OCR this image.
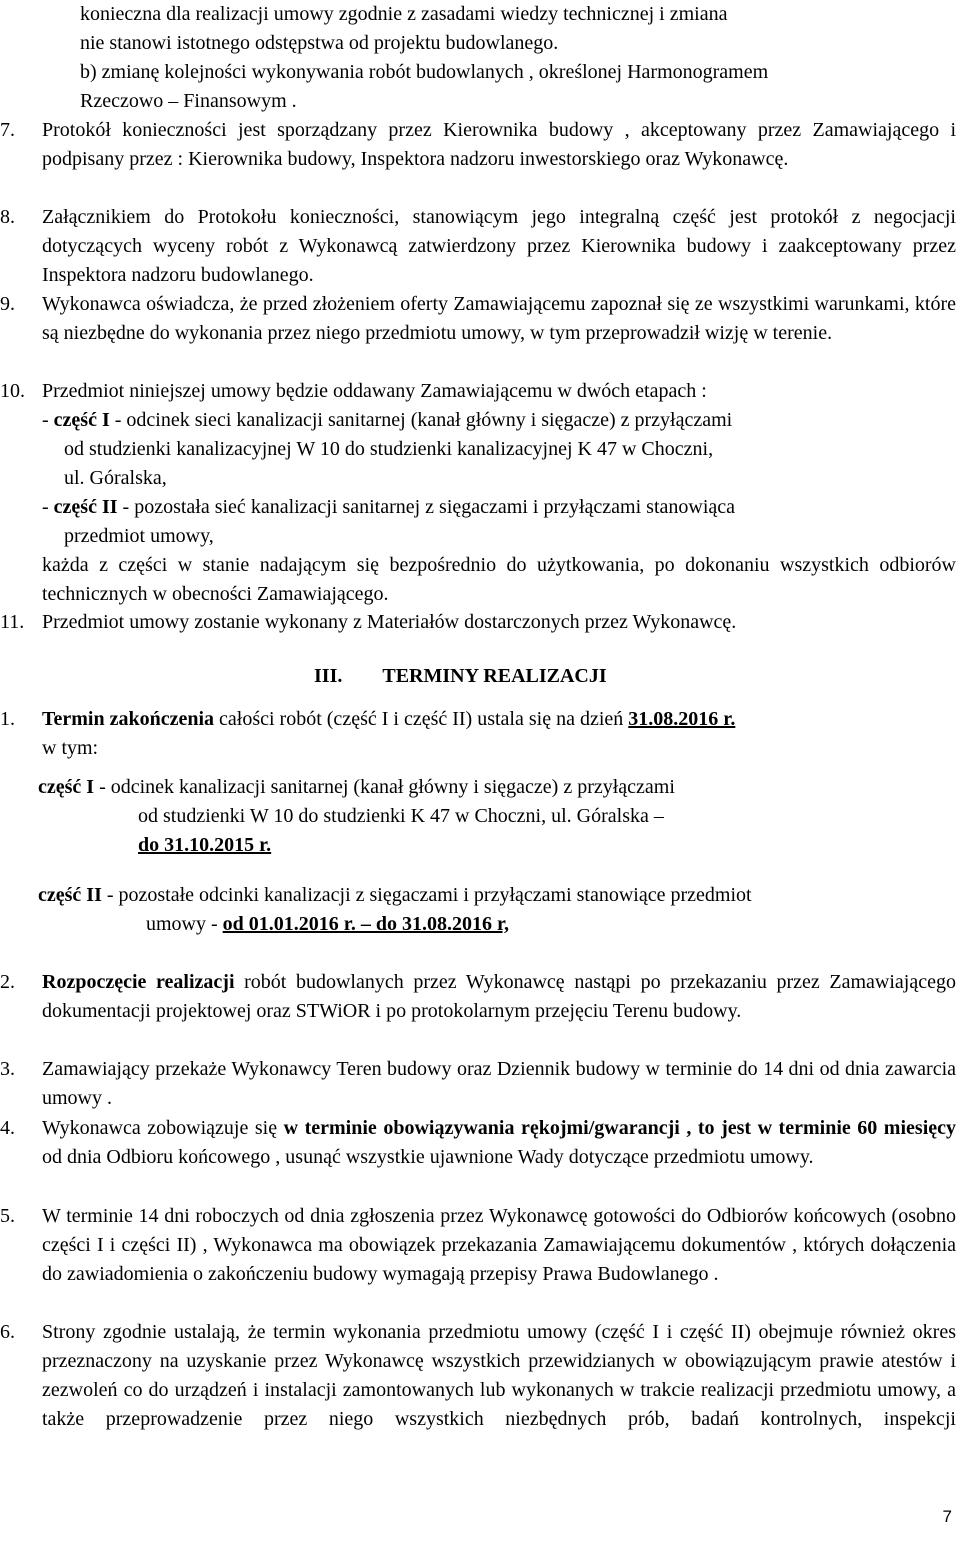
konieczna dla realizacji umowy zgodnie z zasadami wiedzy technicznej i zmiana
nie stanowi istotnego odstępstwa od projektu budowlanego.

b) zmianę kolejności wykonywania robót budowlanych , określonej Harmonogramem
Rzeczowo – Finansowym .

7. Protokół konieczności jest sporządzany przez Kierownika budowy , akceptowany przez Zamawiającego i podpisany przez : Kierownika budowy, Inspektora nadzoru inwestorskiego oraz Wykonawcę.
8. Załącznikiem do Protokołu konieczności, stanowiącym jego integralną część jest protokół z negocjacji dotyczących wyceny robót z Wykonawcą zatwierdzony przez Kierownika budowy i zaakceptowany przez Inspektora nadzoru budowlanego.
9. Wykonawca oświadcza, że przed złożeniem oferty Zamawiającemu zapoznał się ze wszystkimi warunkami, które są niezbędne do wykonania przez niego przedmiotu umowy, w tym przeprowadził wizję w terenie.
10. Przedmiot niniejszej umowy będzie oddawany Zamawiającemu w dwóch etapach :
- część I - odcinek sieci kanalizacji sanitarnej (kanał główny i sięgacze) z przyłączami
od studzienki kanalizacyjnej W 10 do studzienki kanalizacyjnej K 47 w Choczni,
ul. Góralska,
- część II - pozostała sieć kanalizacji sanitarnej z sięgaczami i przyłączami stanowiąca
przedmiot umowy,
każda z części w stanie nadającym się bezpośrednio do użytkowania, po dokonaniu wszystkich odbiorów technicznych w obecności Zamawiającego.
11. Przedmiot umowy zostanie wykonany z Materiałów dostarczonych przez Wykonawcę.
III. TERMINY REALIZACJI
1. Termin zakończenia całości robót (część I i część II) ustala się na dzień 31.08.2016 r.
w tym:
część I - odcinek kanalizacji sanitarnej (kanał główny i sięgacze) z przyłączami
od studzienki W 10 do studzienki K 47 w Choczni, ul. Góralska –
do 31.10.2015 r.
część II - pozostałe odcinki kanalizacji z sięgaczami i przyłączami stanowiące przedmiot
umowy - od 01.01.2016 r. – do 31.08.2016 r,
2. Rozpoczęcie realizacji robót budowlanych przez Wykonawcę nastąpi po przekazaniu przez Zamawiającego dokumentacji projektowej oraz STWiOR i po protokolarnym przejęciu Terenu budowy.
3. Zamawiający przekaże Wykonawcy Teren budowy oraz Dziennik budowy w terminie do 14 dni od dnia zawarcia umowy .
4. Wykonawca zobowiązuje się w terminie obowiązywania rękojmi/gwarancji , to jest w terminie 60 miesięcy od dnia Odbioru końcowego , usunąć wszystkie ujawnione Wady dotyczące przedmiotu umowy.
5. W terminie 14 dni roboczych od dnia zgłoszenia przez Wykonawcę gotowości do Odbiorów końcowych (osobno części I i części II) , Wykonawca ma obowiązek przekazania Zamawiającemu dokumentów , których dołączenia do zawiadomienia o zakończeniu budowy wymagają przepisy Prawa Budowlanego .
6. Strony zgodnie ustalają, że termin wykonania przedmiotu umowy (część I i część II) obejmuje również okres przeznaczony na uzyskanie przez Wykonawcę wszystkich przewidzianych w obowiązującym prawie atestów i zezwoleń co do urządzeń i instalacji zamontowanych lub wykonanych w trakcie realizacji przedmiotu umowy, a także przeprowadzenie przez niego wszystkich niezbędnych prób, badań kontrolnych, inspekcji
7
